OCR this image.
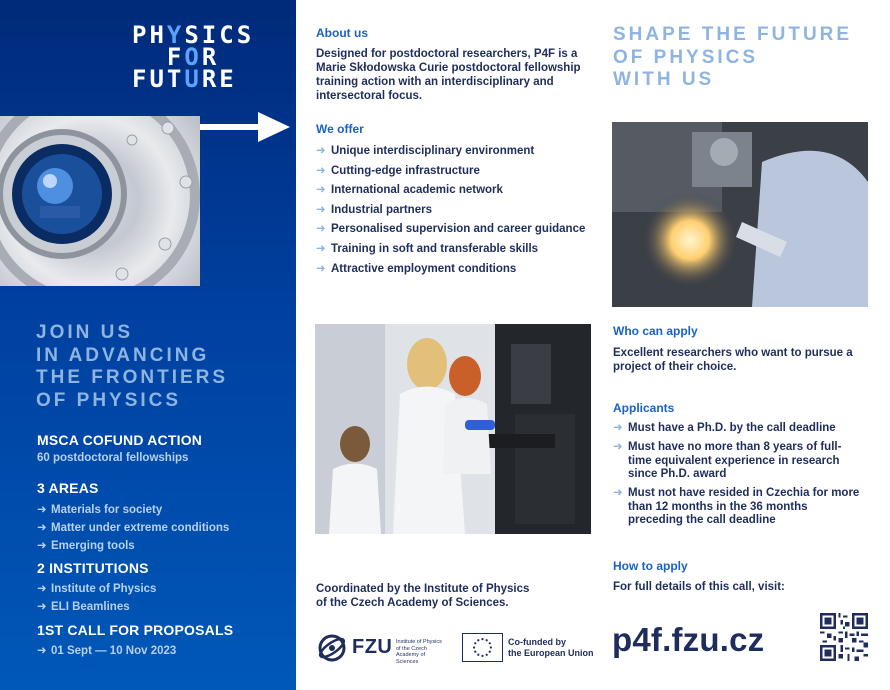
PHYSICS
FOR
FUTURE
JOIN US
IN ADVANCING
THE FRONTIERS
OF PHYSICS
MSCA COFUND ACTION
60 postdoctoral fellowships
3 AREAS
➜ Materials for society
➜ Matter under extreme conditions
➜ Emerging tools
2 INSTITUTIONS
➜ Institute of Physics
➜ ELI Beamlines
1ST CALL FOR PROPOSALS
➜ 01 Sept — 10 Nov 2023
About us
Designed for postdoctoral researchers, P4F is a Marie Skłodowska Curie postdoctoral fellowship training action with an interdisciplinary and intersectoral focus.
We offer
➜ Unique interdisciplinary environment
➜ Cutting-edge infrastructure
➜ International academic network
➜ Industrial partners
➜ Personalised supervision and career guidance
➜ Training in soft and transferable skills
➜ Attractive employment conditions
Coordinated by the Institute of Physics
of the Czech Academy of Sciences.
FZU Institute of Physics
of the Czech
Academy of Sciences
Co-funded by
the European Union
SHAPE THE FUTURE
OF PHYSICS
WITH US
Who can apply
Excellent researchers who want to pursue a project of their choice.
Applicants
➜ Must have a Ph.D. by the call deadline
➜ Must have no more than 8 years of full-time equivalent experience in research since Ph.D. award
➜ Must not have resided in Czechia for more than 12 months in the 36 months preceding the call deadline
How to apply
For full details of this call, visit:
p4f.fzu.cz
